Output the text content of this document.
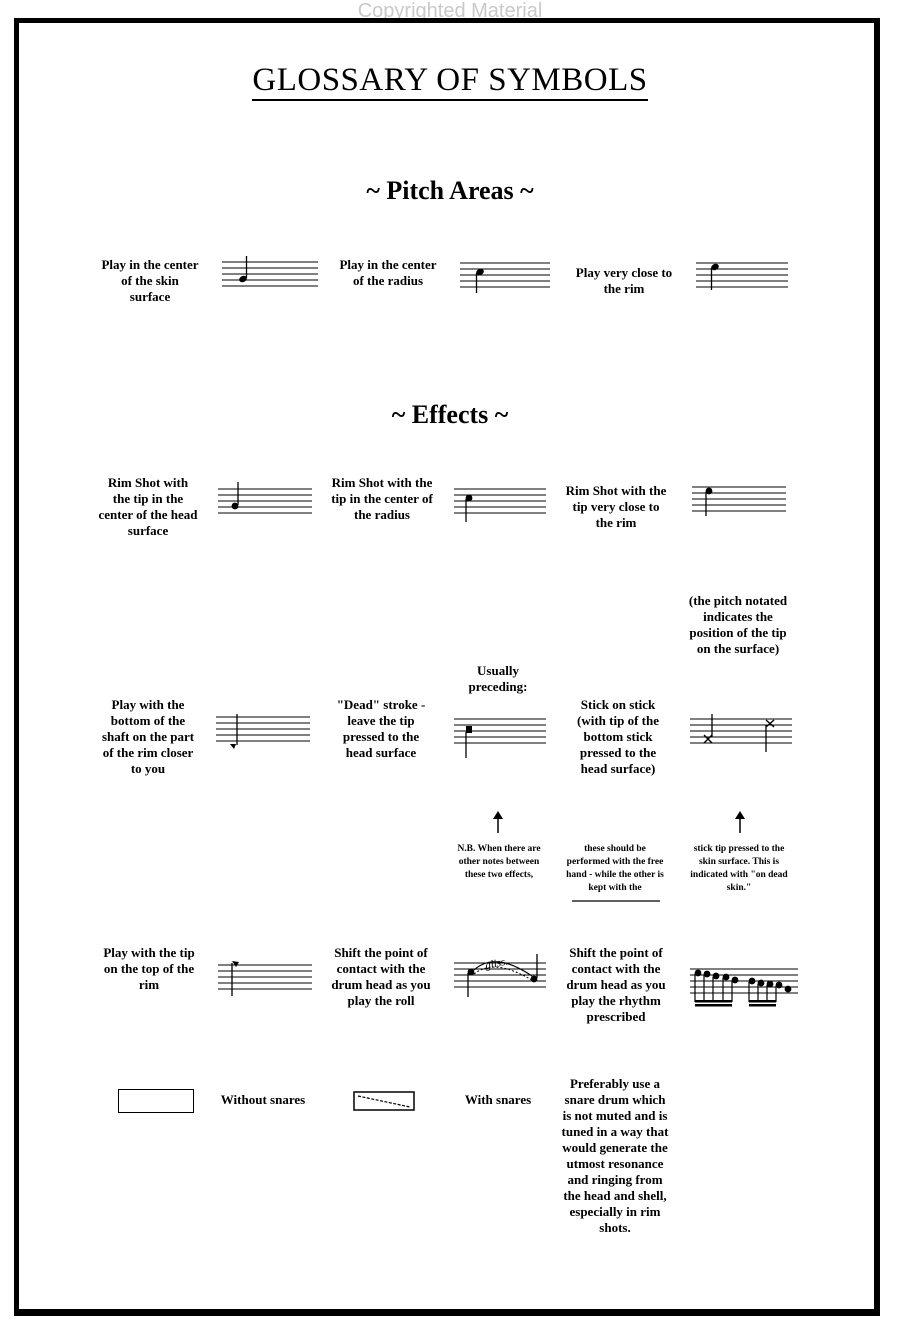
Copyrighted Material
GLOSSARY OF SYMBOLS
~ Pitch Areas ~
~ Effects ~
Play in the center of the skin surface
Play in the center of the radius
Play very close to the rim
Rim Shot with the tip in the center of the head surface
Rim Shot with the tip in the center of the radius
Rim Shot with the tip very close to the rim
Play with the bottom of the shaft on the part of the rim closer to you
"Dead" stroke - leave the tip pressed to the head surface
Usually preceding:
Stick on stick (with tip of the bottom stick pressed to the head surface)
(the pitch notated indicates the position of the tip on the surface)
N.B. When there are other notes between these two effects,
these should be performed with the free hand - while the other is kept with the
stick tip pressed to the skin surface. This is indicated with "on dead skin."
Play with the tip on the top of the rim
Shift the point of contact with the drum head as you play the roll
gliss.
Shift the point of contact with the drum head as you play the rhythm prescribed
Without snares	With snares
Preferably use a snare drum which is not muted and is tuned in a way that would generate the utmost resonance and ringing from the head and shell, especially in rim shots.
